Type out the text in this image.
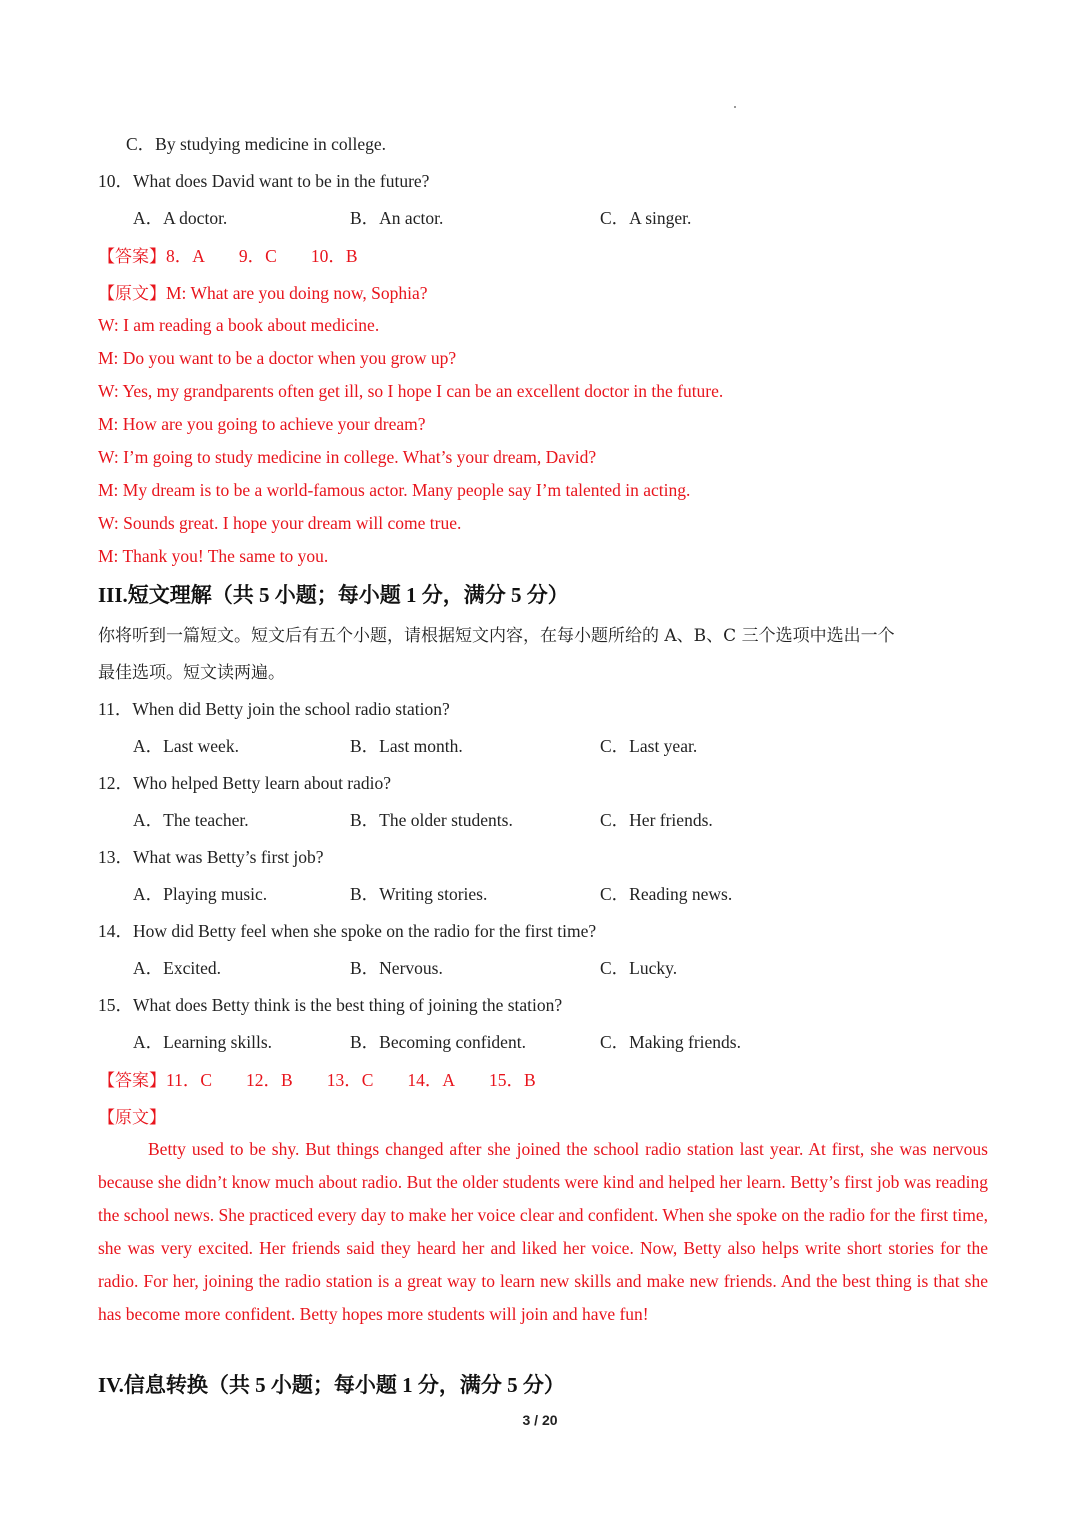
C．By studying medicine in college.
10．What does David want to be in the future?
A．A doctor.	B．An actor.	C．A singer.
【答案】8．A 9．C 10．B
【原文】M: What are you doing now, Sophia?
W: I am reading a book about medicine.
M: Do you want to be a doctor when you grow up?
W: Yes, my grandparents often get ill, so I hope I can be an excellent doctor in the future.
M: How are you going to achieve your dream?
W: I’m going to study medicine in college. What’s your dream, David?
M: My dream is to be a world-famous actor. Many people say I’m talented in acting.
W: Sounds great. I hope your dream will come true.
M: Thank you! The same to you.
III.短文理解（共 5 小题；每小题 1 分，满分 5 分）
你将听到一篇短文。短文后有五个小题，请根据短文内容，在每小题所给的 A、B、C 三个选项中选出一个
最佳选项。短文读两遍。
11．When did Betty join the school radio station?
A．Last week.	B．Last month.	C．Last year.
12．Who helped Betty learn about radio?
A．The teacher.	B．The older students.	C．Her friends.
13．What was Betty’s first job?
A．Playing music.	B．Writing stories.	C．Reading news.
14．How did Betty feel when she spoke on the radio for the first time?
A．Excited.	B．Nervous.	C．Lucky.
15．What does Betty think is the best thing of joining the station?
A．Learning skills.	B．Becoming confident.	C．Making friends.
【答案】11．C 12．B 13．C 14．A 15．B
【原文】
Betty used to be shy. But things changed after she joined the school radio station last year. At first, she was nervous because she didn’t know much about radio. But the older students were kind and helped her learn. Betty’s first job was reading the school news. She practiced every day to make her voice clear and confident. When she spoke on the radio for the first time, she was very excited. Her friends said they heard her and liked her voice. Now, Betty also helps write short stories for the radio. For her, joining the radio station is a great way to learn new skills and make new friends. And the best thing is that she has become more confident. Betty hopes more students will join and have fun!
IV.信息转换（共 5 小题；每小题 1 分，满分 5 分）
3 / 20
